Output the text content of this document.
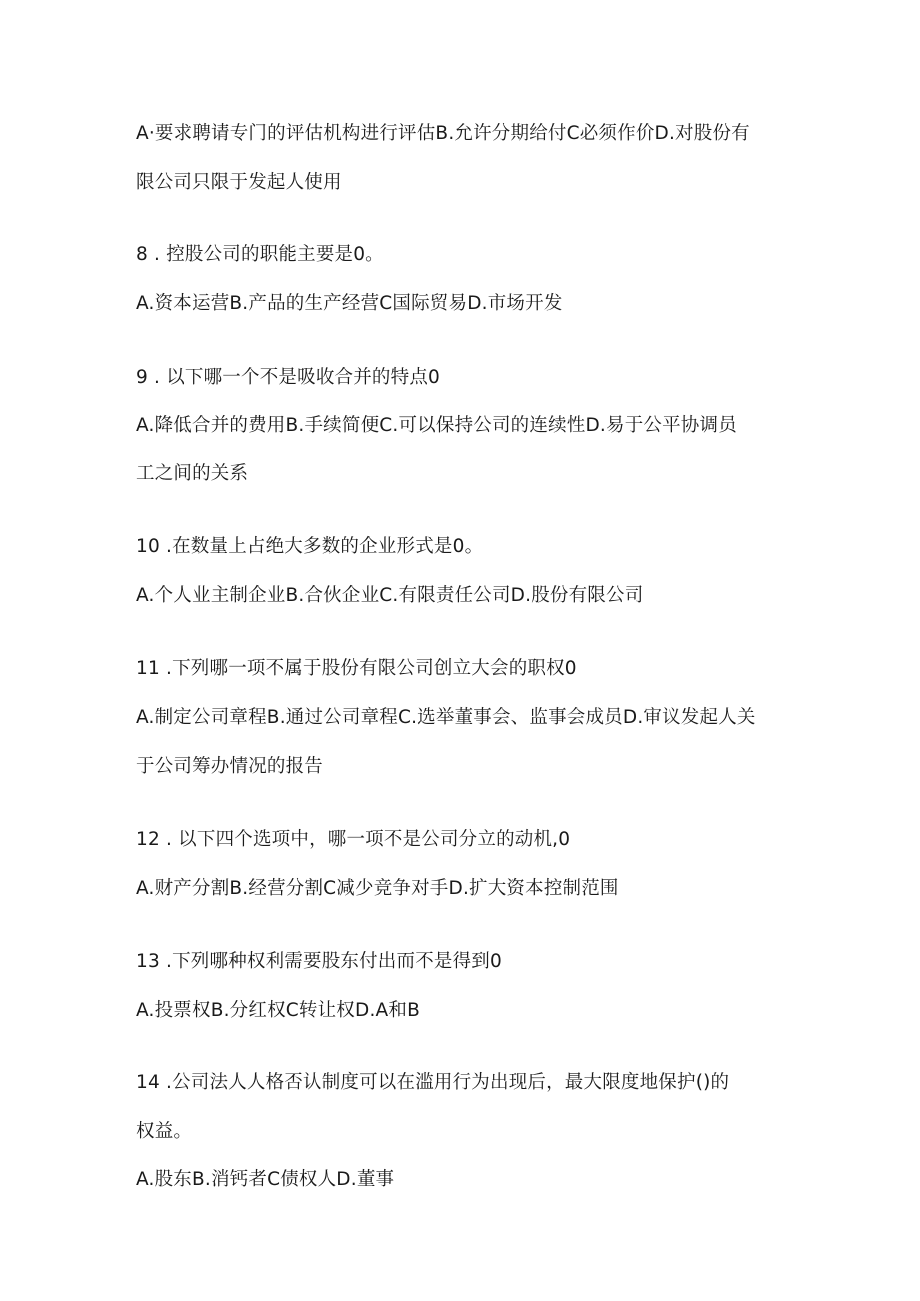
A·要求聘请专门的评估机构进行评估B.允许分期给付C必须作价D.对股份有
限公司只限于发起人使用
8 . 控股公司的职能主要是0。
A.资本运营B.产品的生产经营C国际贸易D.市场开发
9 . 以下哪一个不是吸收合并的特点0
A.降低合并的费用B.手续简便C.可以保持公司的连续性D.易于公平协调员
工之间的关系
10 .在数量上占绝大多数的企业形式是0。
A.个人业主制企业B.合伙企业C.有限责任公司D.股份有限公司
11 .下列哪一项不属于股份有限公司创立大会的职权0
A.制定公司章程B.通过公司章程C.选举董事会、监事会成员D.审议发起人关
于公司筹办情况的报告
12 . 以下四个选项中，哪一项不是公司分立的动机,0
A.财产分割B.经营分割C减少竞争对手D.扩大资本控制范围
13 .下列哪种权利需要股东付出而不是得到0
A.投票权B.分红权C转让权D.A和B
14 .公司法人人格否认制度可以在滥用行为出现后，最大限度地保护()的
权益。
A.股东B.消钙者C债权人D.董事
